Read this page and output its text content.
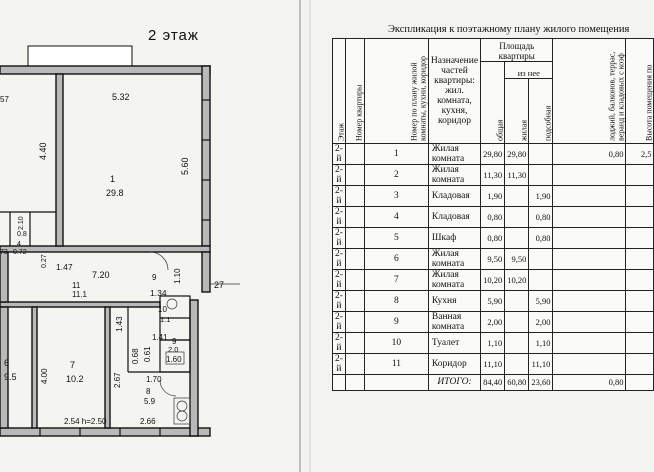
2 этаж
5.32
4.40
5.60
1.47
7.20
1.34
27
1.10
1.43
1.41
4.00	2.67	1.70
2.54 h=2.50	2.66
0.68 0.61 1.60
57
2.10
0.8
0.72
73
0.27
9
1
29.8
11
11.1
6
9.5
7
10.2
8
5.9
9
2.0
10
1.1
4
Экспликация к поэтажному плану жилого помещения
Этаж	Номер квартиры	Номер по плану жилой комнаты, кухни, коридор	Назначение частей квартиры: жил. комната, кухня, коридор	Площадь квартиры			лоджий, балконов, террас, веранд и кладовых с коэф	Высота помещения по
				общая	из нее			
					жилая	подсобная		
2-й		1	Жилая комната	29,80	29,80		0,80	2,5
2-й		2	Жилая комната	11,30	11,30			
2-й		3	Кладовая	1,90		1,90		
2-й		4	Кладовая	0,80		0,80		
2-й		5	Шкаф	0,80		0,80		
2-й		6	Жилая комната	9,50	9,50			
2-й		7	Жилая комната	10,20	10,20			
2-й		8	Кухня	5,90		5,90		
2-й		9	Ванная комната	2,00		2,00		
2-й		10	Туалет	1,10		1,10		
2-й		11	Коридор	11,10		11,10		
			ИТОГО:	84,40	60,80	23,60	0,80	
